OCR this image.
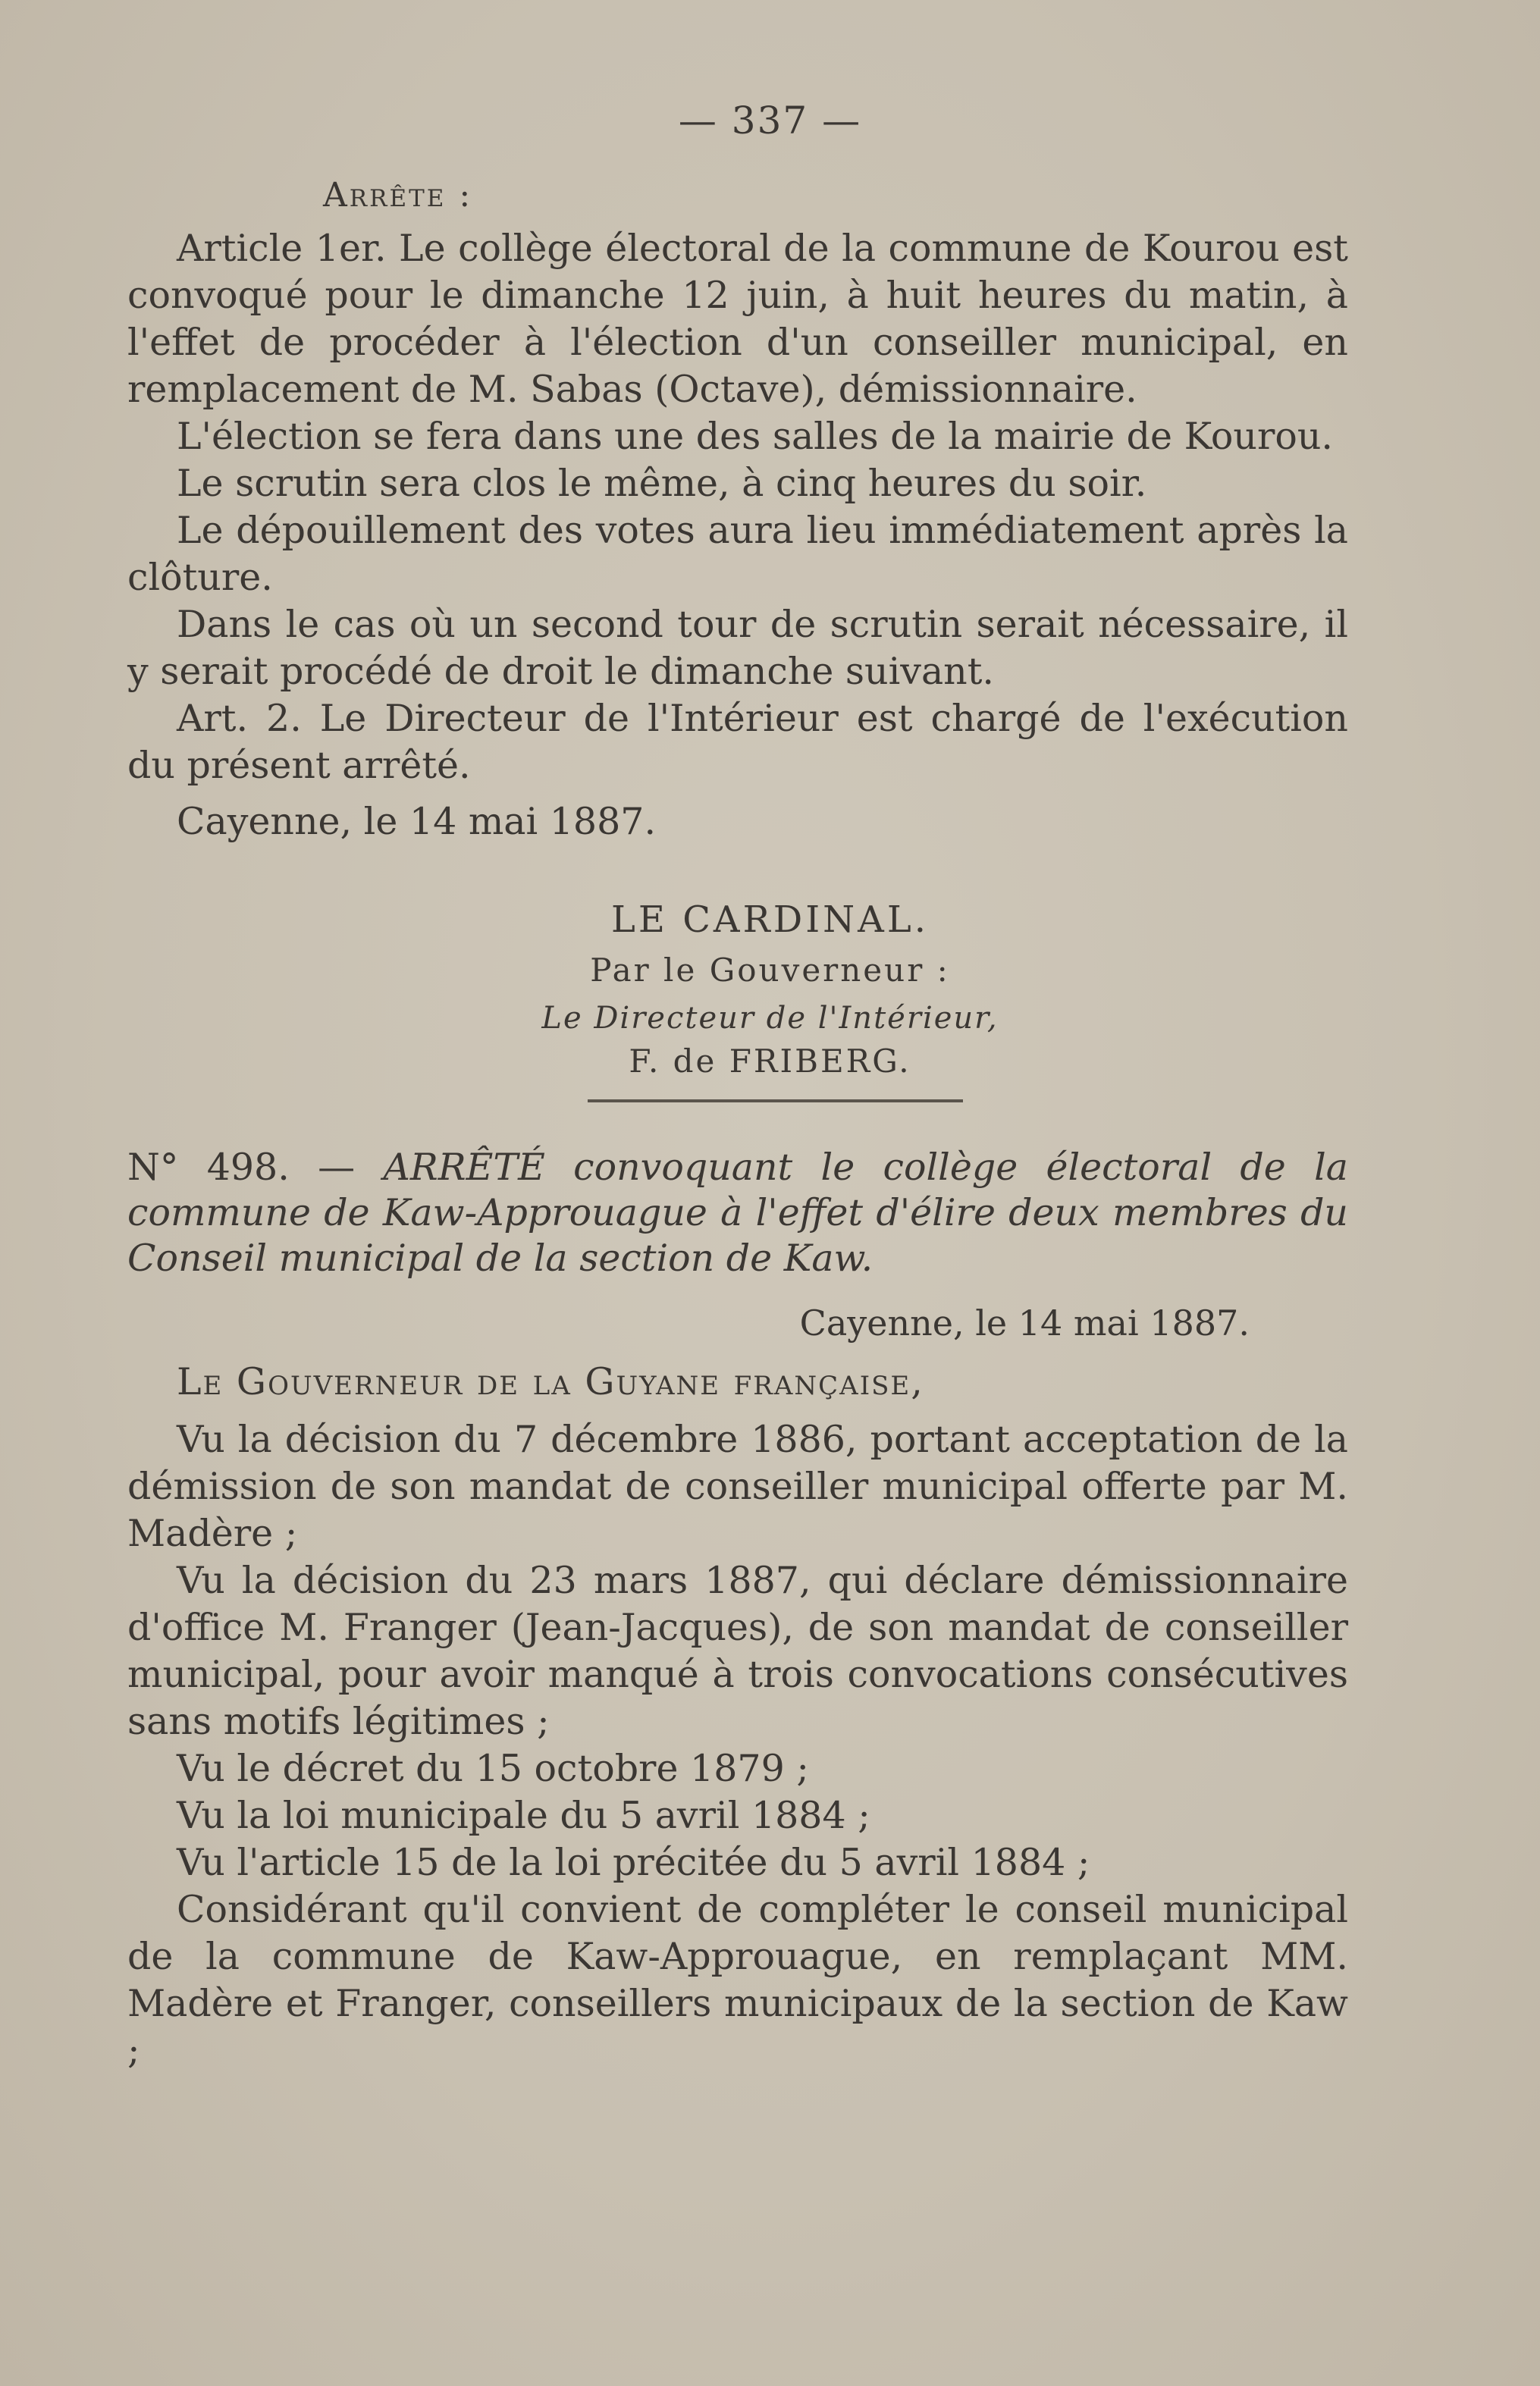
— 337 —

Arrête :

Article 1er. Le collège électoral de la commune de Kourou est convoqué pour le dimanche 12 juin, à huit heures du matin, à l'effet de procéder à l'élection d'un conseiller municipal, en remplacement de M. Sabas (Octave), démissionnaire.

L'élection se fera dans une des salles de la mairie de Kourou.

Le scrutin sera clos le même, à cinq heures du soir.

Le dépouillement des votes aura lieu immédiatement après la clôture.

Dans le cas où un second tour de scrutin serait nécessaire, il y serait procédé de droit le dimanche suivant.

Art. 2. Le Directeur de l'Intérieur est chargé de l'exécution du présent arrêté.

Cayenne, le 14 mai 1887.

LE CARDINAL.
Par le Gouverneur :
Le Directeur de l'Intérieur,
F. de FRIBERG.

N° 498. — ARRÊTÉ convoquant le collège électoral de la commune de Kaw-Approuague à l'effet d'élire deux membres du Conseil municipal de la section de Kaw.

Cayenne, le 14 mai 1887.

Le Gouverneur de la Guyane française,

Vu la décision du 7 décembre 1886, portant acceptation de la démission de son mandat de conseiller municipal offerte par M. Madère ;

Vu la décision du 23 mars 1887, qui déclare démissionnaire d'office M. Franger (Jean-Jacques), de son mandat de conseiller municipal, pour avoir manqué à trois convocations consécutives sans motifs légitimes ;

Vu le décret du 15 octobre 1879 ;

Vu la loi municipale du 5 avril 1884 ;

Vu l'article 15 de la loi précitée du 5 avril 1884 ;

Considérant qu'il convient de compléter le conseil municipal de la commune de Kaw-Approuague, en remplaçant MM. Madère et Franger, conseillers municipaux de la section de Kaw ;
